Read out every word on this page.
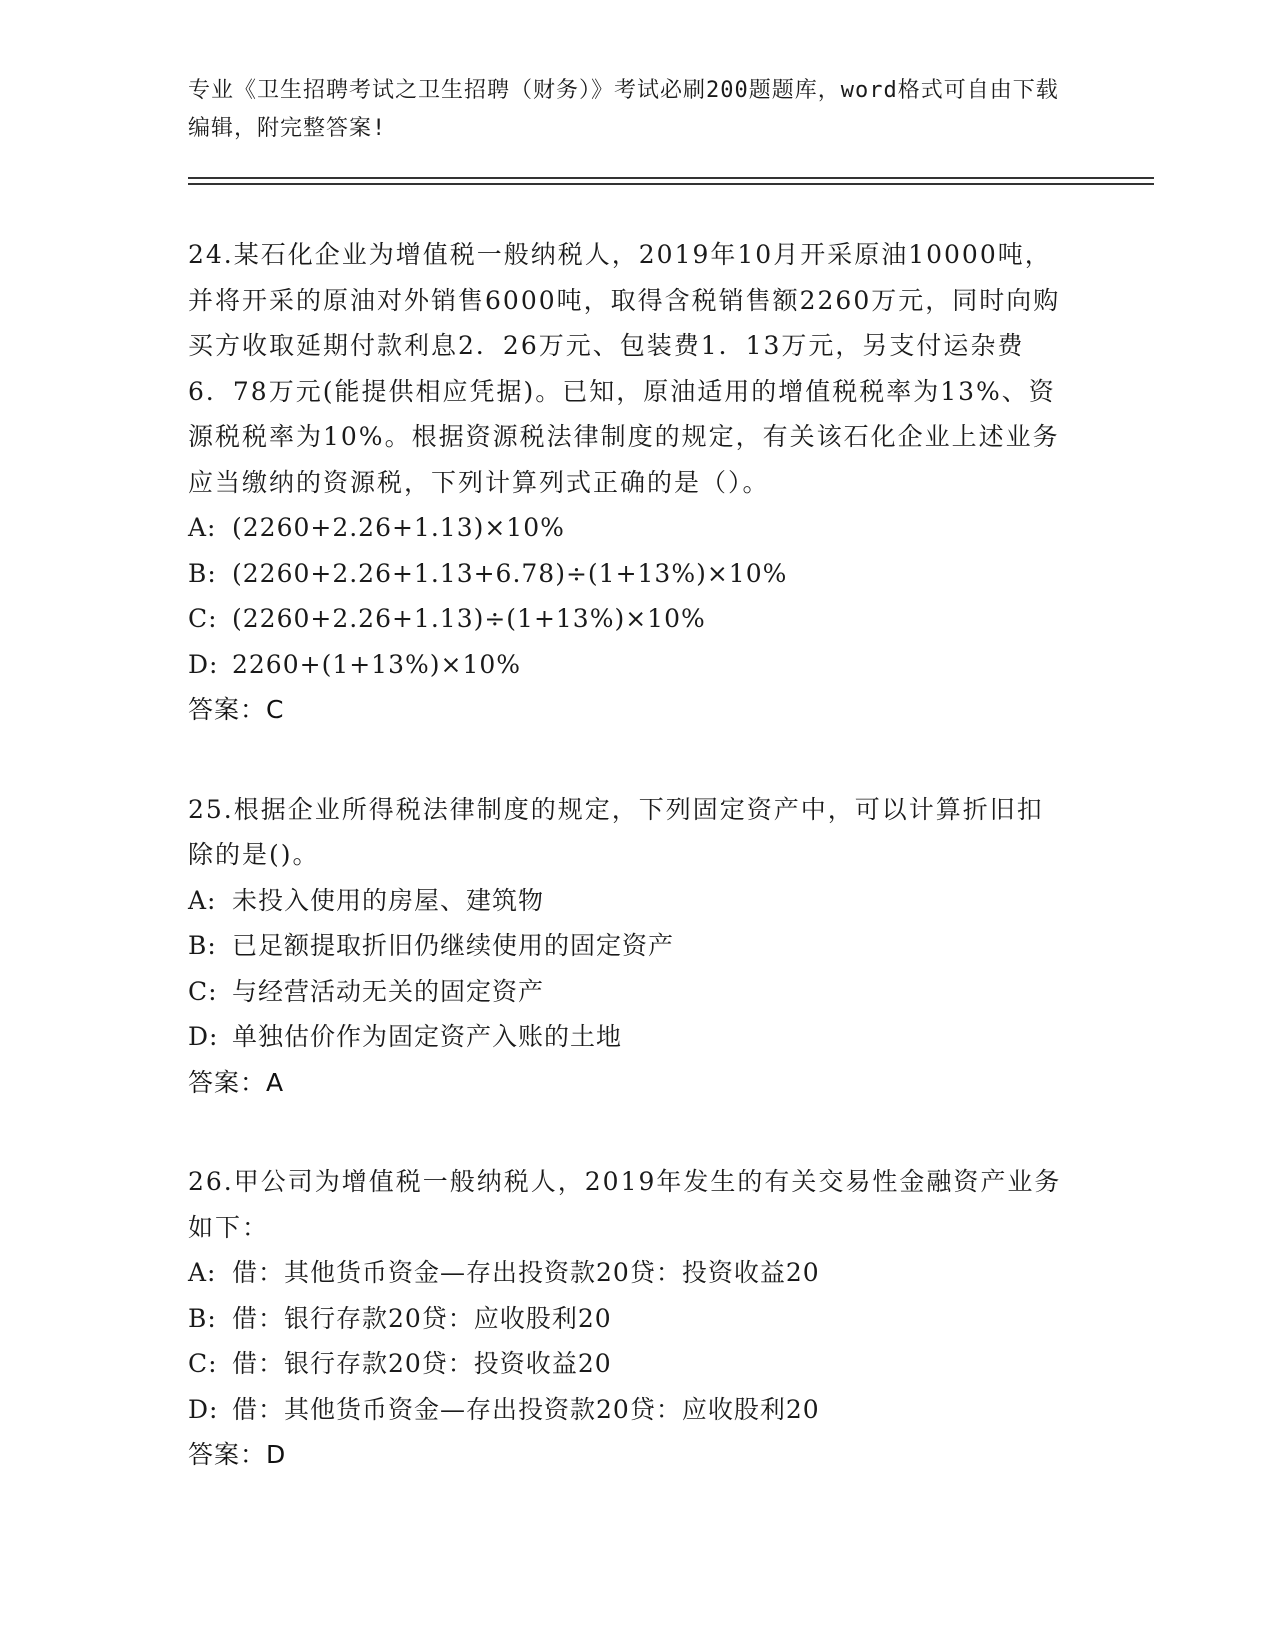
专业《卫生招聘考试之卫生招聘（财务）》考试必刷200题题库，word格式可自由下载编辑，附完整答案!
24.某石化企业为增值税一般纳税人，2019年10月开采原油10000吨，并将开采的原油对外销售6000吨，取得含税销售额2260万元，同时向购买方收取延期付款利息2．26万元、包装费1．13万元，另支付运杂费6．78万元(能提供相应凭据)。已知，原油适用的增值税税率为13%、资源税税率为10%。根据资源税法律制度的规定，有关该石化企业上述业务应当缴纳的资源税，下列计算列式正确的是（）。
A: (2260+2.26+1.13)×10%
B: (2260+2.26+1.13+6.78)÷(1+13%)×10%
C: (2260+2.26+1.13)÷(1+13%)×10%
D: 2260+(1+13%)×10%
答案：C
25.根据企业所得税法律制度的规定，下列固定资产中，可以计算折旧扣除的是()。
A: 未投入使用的房屋、建筑物
B: 已足额提取折旧仍继续使用的固定资产
C: 与经营活动无关的固定资产
D: 单独估价作为固定资产入账的土地
答案：A
26.甲公司为增值税一般纳税人，2019年发生的有关交易性金融资产业务如下：
A: 借：其他货币资金—存出投资款20贷：投资收益20
B: 借：银行存款20贷：应收股利20
C: 借：银行存款20贷：投资收益20
D: 借：其他货币资金—存出投资款20贷：应收股利20
答案：D
